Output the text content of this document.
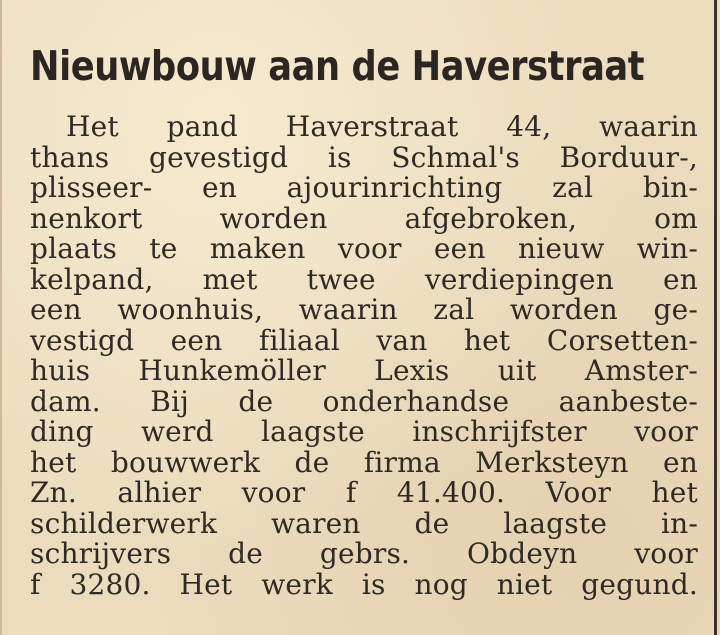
Nieuwbouw aan de Haverstraat
Het pand Haverstraat 44, waarin
thans gevestigd is Schmal's Borduur-,
plisseer- en ajourinrichting zal bin-
nenkort worden afgebroken, om
plaats te maken voor een nieuw win-
kelpand, met twee verdiepingen en
een woonhuis, waarin zal worden ge-
vestigd een filiaal van het Corsetten-
huis Hunkemöller Lexis uit Amster-
dam. Bij de onderhandse aanbeste-
ding werd laagste inschrijfster voor
het bouwwerk de firma Merksteyn en
Zn. alhier voor f 41.400. Voor het
schilderwerk waren de laagste in-
schrijvers de gebrs. Obdeyn voor
f 3280. Het werk is nog niet gegund.
